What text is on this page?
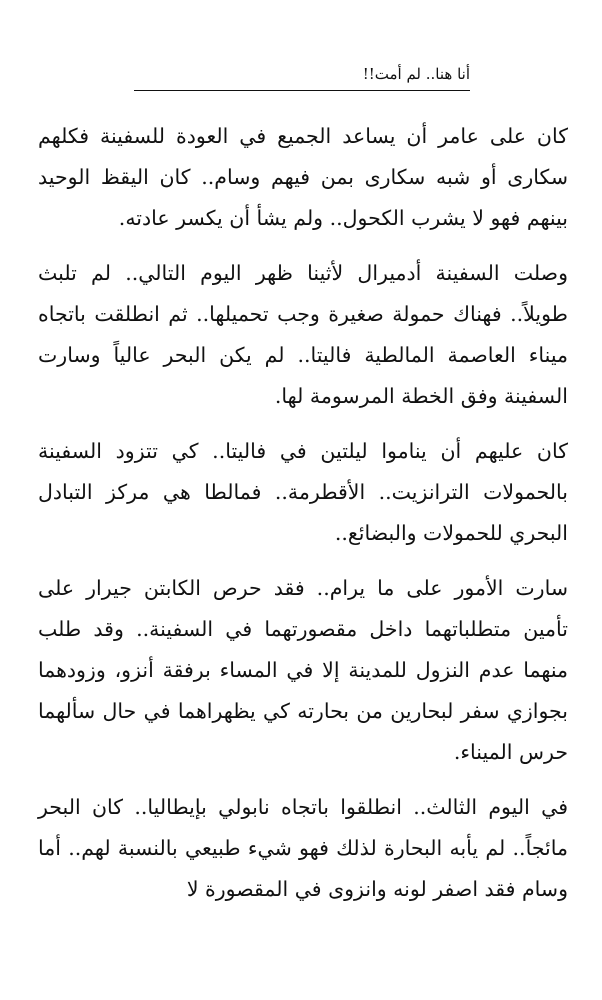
أنا هنا.. لم أمت!!

كان على عامر أن يساعد الجميع في العودة للسفينة فكلهم سكارى أو شبه سكارى بمن فيهم وسام.. كان اليقظ الوحيد بينهم فهو لا يشرب الكحول.. ولم يشأ أن يكسر عادته.

وصلت السفينة أدميرال لأثينا ظهر اليوم التالي.. لم تلبث طويلاً.. فهناك حمولة صغيرة وجب تحميلها.. ثم انطلقت باتجاه ميناء العاصمة المالطية فاليتا.. لم يكن البحر عالياً وسارت السفينة وفق الخطة المرسومة لها.

كان عليهم أن يناموا ليلتين في فاليتا.. كي تتزود السفينة بالحمولات الترانزيت.. الأقطرمة.. فمالطا هي مركز التبادل البحري للحمولات والبضائع..

سارت الأمور على ما يرام.. فقد حرص الكابتن جيرار على تأمين متطلباتهما داخل مقصورتهما في السفينة.. وقد طلب منهما عدم النزول للمدينة إلا في المساء برفقة أنزو، وزودهما بجوازي سفر لبحارين من بحارته كي يظهراهما في حال سألهما حرس الميناء.

في اليوم الثالث.. انطلقوا باتجاه نابولي بإيطاليا.. كان البحر مائجاً.. لم يأبه البحارة لذلك فهو شيء طبيعي بالنسبة لهم.. أما وسام فقد اصفر لونه وانزوى في المقصورة لا
